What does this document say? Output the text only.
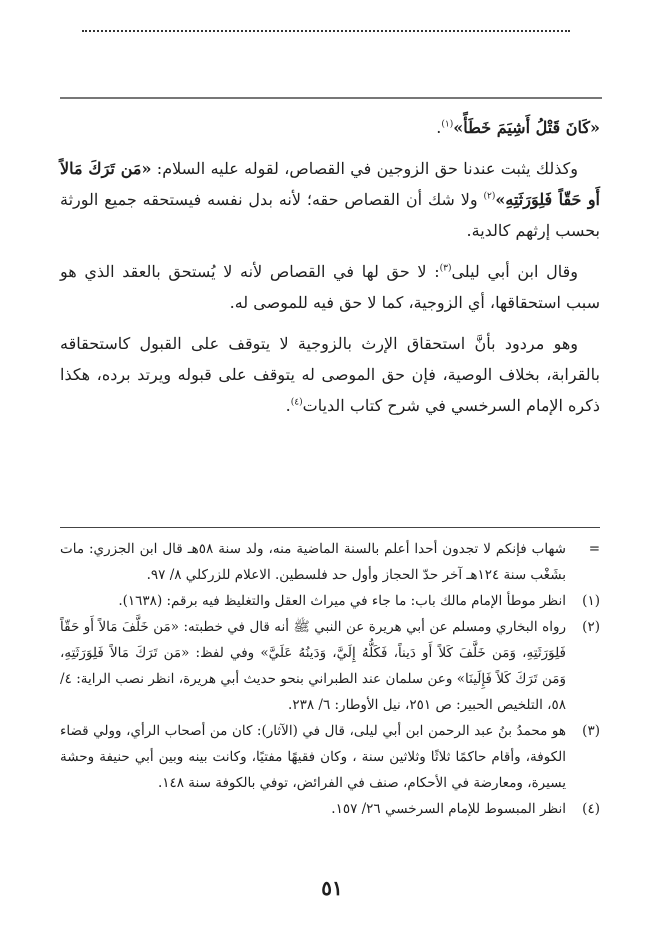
«كَانَ قَتْلُ أَشِيَمَ خَطَأً»$^{(١)}$.

وكذلك يثبت عندنا حق الزوجين في القصاص، لقوله عليه السلام: «مَن تَرَكَ مَالاً أَو حَقّاً فَلِوَرَثَتِهِ»$^{(٢)}$ ولا شك أن القصاص حقه؛ لأنه بدل نفسه فيستحقه جميع الورثة بحسب إرثهم كالدية.

وقال ابن أبي ليلى$^{(٣)}$: لا حق لها في القصاص لأنه لا يُستحق بالعقد الذي هو سبب استحقاقها، أي الزوجية، كما لا حق فيه للموصى له.

وهو مردود بأنَّ استحقاق الإرث بالزوجية لا يتوقف على القبول كاستحقاقه بالقرابة، بخلاف الوصية، فإن حق الموصى له يتوقف على قبوله ويرتد برده، هكذا ذكره الإمام السرخسي في شرح كتاب الديات$^{(٤)}$.

=
شهاب فإنكم لا تجدون أحدا أعلم بالسنة الماضية منه، ولد سنة ٥٨هـ قال ابن الجزري: مات بشَغْب سنة ١٢٤هـ آخر حدّ الحجاز وأول حد فلسطين. الاعلام للزركلي ٨/ ٩٧.
(١)
انظر موطأ الإمام مالك باب: ما جاء في ميراث العقل والتغليظ فيه برقم: (١٦٣٨).
(٢)
رواه البخاري ومسلم عن أبي هريرة عن النبي ﷺ أنه قال في خطبته: «مَن خَلَّفَ مَالاً أَو حَقّاً فَلِوَرَثَتِهِ، وَمَن خَلَّفَ كَلاً أَو دَيناً، فَكَلُّهُ إِلَيَّ، وَدَينُهُ عَلَيَّ» وفي لفظ: «مَن تَرَكَ مَالاً فَلِوَرَثَتِهِ، وَمَن تَرَكَ كَلاً فَإِلَينَا» وعن سلمان عند الطبراني بنحو حديث أبي هريرة، انظر نصب الراية: ٤/ ٥٨، التلخيص الحبير: ص ٢٥١، نيل الأوطار: ٦/ ٢٣٨.
(٣)
هو محمدُ بنُ عبد الرحمن ابن أبي ليلى، قال في (الآثار): كان من أصحاب الرأي، وولي قضاء الكوفة، وأقام حاكمًا ثلاثًا وثلاثين سنة ، وكان فقيهًا مفتيًا، وكانت بينه وبين أبي حنيفة وحشة يسيرة، ومعارضة في الأحكام، صنف في الفرائض، توفي بالكوفة سنة ١٤٨.
(٤)
انظر المبسوط للإمام السرخسي ٢٦/ ١٥٧.
٥١
